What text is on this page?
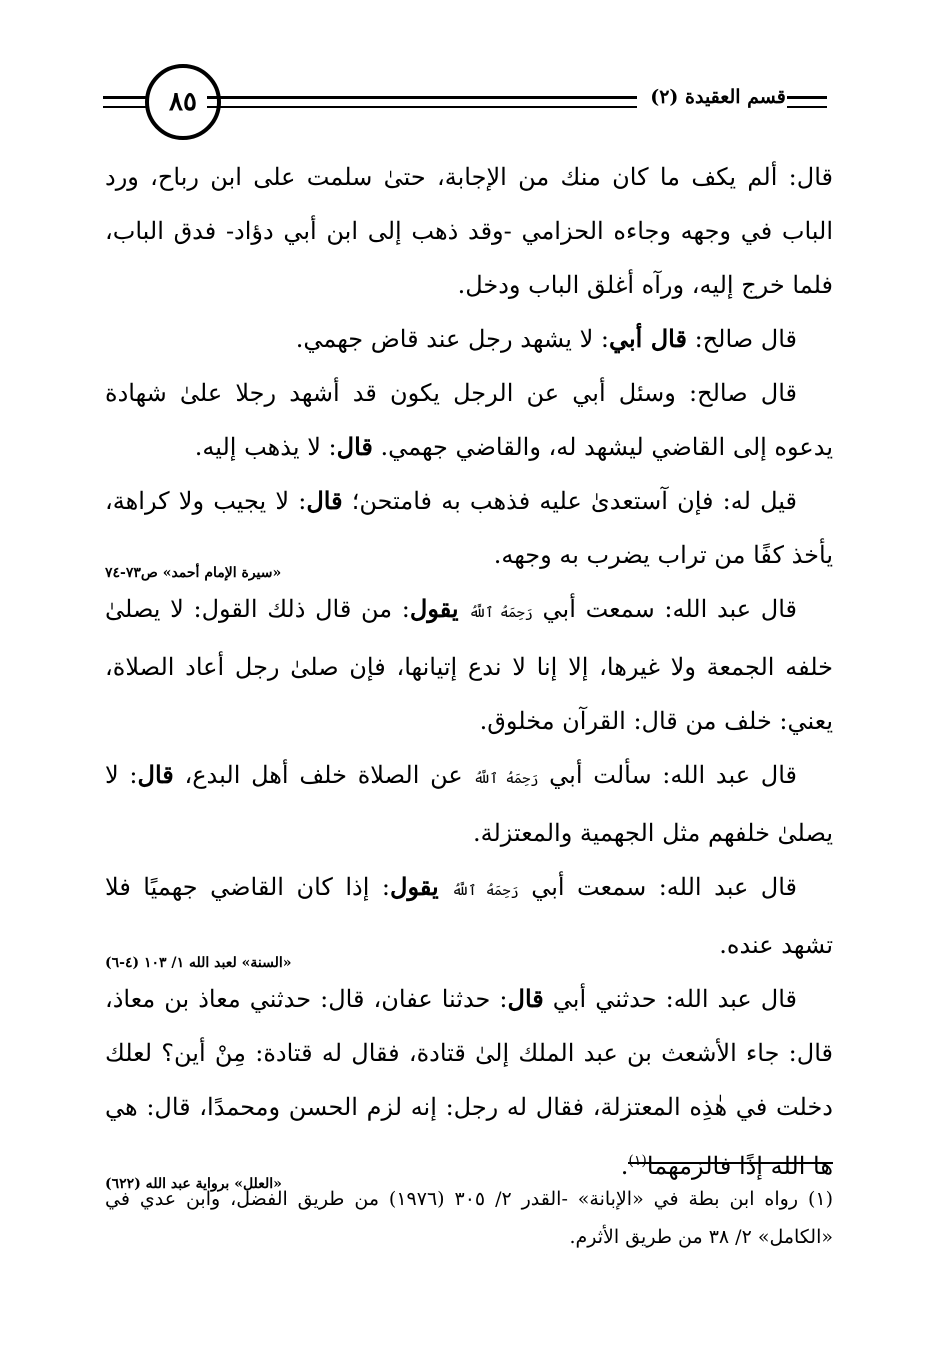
٨٥	قسم العقيدة (٢)

قال: ألم يكف ما كان منك من الإجابة، حتىٰ سلمت على ابن رباح، ورد الباب في وجهه وجاءه الحزامي -وقد ذهب إلى ابن أبي دؤاد- فدق الباب، فلما خرج إليه، ورآه أغلق الباب ودخل.

قال صالح: قال أبي: لا يشهد رجل عند قاض جهمي.

قال صالح: وسئل أبي عن الرجل يكون قد أشهد رجلا علىٰ شهادة يدعوه إلى القاضي ليشهد له، والقاضي جهمي. قال: لا يذهب إليه.

قيل له: فإن آستعدىٰ عليه فذهب به فامتحن؛ قال: لا يجيب ولا كراهة، يأخذ كفًا من تراب يضرب به وجهه.

«سيرة الإمام أحمد» ص٧٣-٧٤

قال عبد الله: سمعت أبي رَحِمَهُ ٱللَّهُ يقول: من قال ذلك القول: لا يصلىٰ خلفه الجمعة ولا غيرها، إلا إنا لا ندع إتيانها، فإن صلىٰ رجل أعاد الصلاة، يعني: خلف من قال: القرآن مخلوق.

قال عبد الله: سألت أبي رَحِمَهُ ٱللَّهُ عن الصلاة خلف أهل البدع، قال: لا يصلىٰ خلفهم مثل الجهمية والمعتزلة.

قال عبد الله: سمعت أبي رَحِمَهُ ٱللَّهُ يقول: إذا كان القاضي جهميًا فلا تشهد عنده.

«السنة» لعبد الله ١/ ١٠٣ (٤-٦)

قال عبد الله: حدثني أبي قال: حدثنا عفان، قال: حدثني معاذ بن معاذ، قال: جاء الأشعث بن عبد الملك إلىٰ قتادة، فقال له قتادة: مِنْ أين؟ لعلك دخلت في هٰذِه المعتزلة، فقال له رجل: إنه لزم الحسن ومحمدًا، قال: هي ها الله إذًا فالزمهما$^{(١)}$.

«العلل» برواية عبد الله (٦٢٢)
(١) رواه ابن بطة في «الإبانة» -القدر ٢/ ٣٠٥ (١٩٧٦) من طريق الفضل، وابن عدي في «الكامل» ٢/ ٣٨ من طريق الأثرم.
